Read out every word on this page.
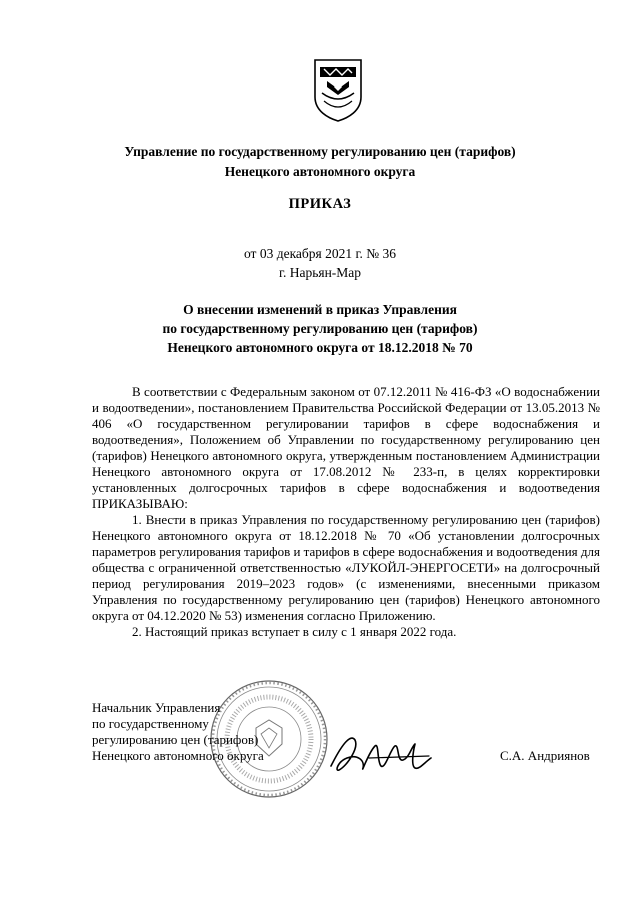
Управление по государственному регулированию цен (тарифов)
Ненецкого автономного округа
ПРИКАЗ
от 03 декабря 2021 г. № 36
г. Нарьян-Мар
О внесении изменений в приказ Управления
по государственному регулированию цен (тарифов)
Ненецкого автономного округа от 18.12.2018 № 70

В соответствии с Федеральным законом от 07.12.2011 № 416-ФЗ «О водоснабжении и водоотведении», постановлением Правительства Российской Федерации от 13.05.2013 № 406 «О государственном регулировании тарифов в сфере водоснабжения и водоотведения», Положением об Управлении по государственному регулированию цен (тарифов) Ненецкого автономного округа, утвержденным постановлением Администрации Ненецкого автономного округа от 17.08.2012 № 233-п, в целях корректировки установленных долгосрочных тарифов в сфере водоснабжения и водоотведения ПРИКАЗЫВАЮ:

1. Внести в приказ Управления по государственному регулированию цен (тарифов) Ненецкого автономного округа от 18.12.2018 № 70 «Об установлении долгосрочных параметров регулирования тарифов и тарифов в сфере водоснабжения и водоотведения для общества с ограниченной ответственностью «ЛУКОЙЛ-ЭНЕРГОСЕТИ» на долгосрочный период регулирования 2019–2023 годов» (с изменениями, внесенными приказом Управления по государственному регулированию цен (тарифов) Ненецкого автономного округа от 04.12.2020 № 53) изменения согласно Приложению.

2. Настоящий приказ вступает в силу с 1 января 2022 года.

Начальник Управления
по государственному
регулированию цен (тарифов)
Ненецкого автономного округа	С.А. Андриянов
